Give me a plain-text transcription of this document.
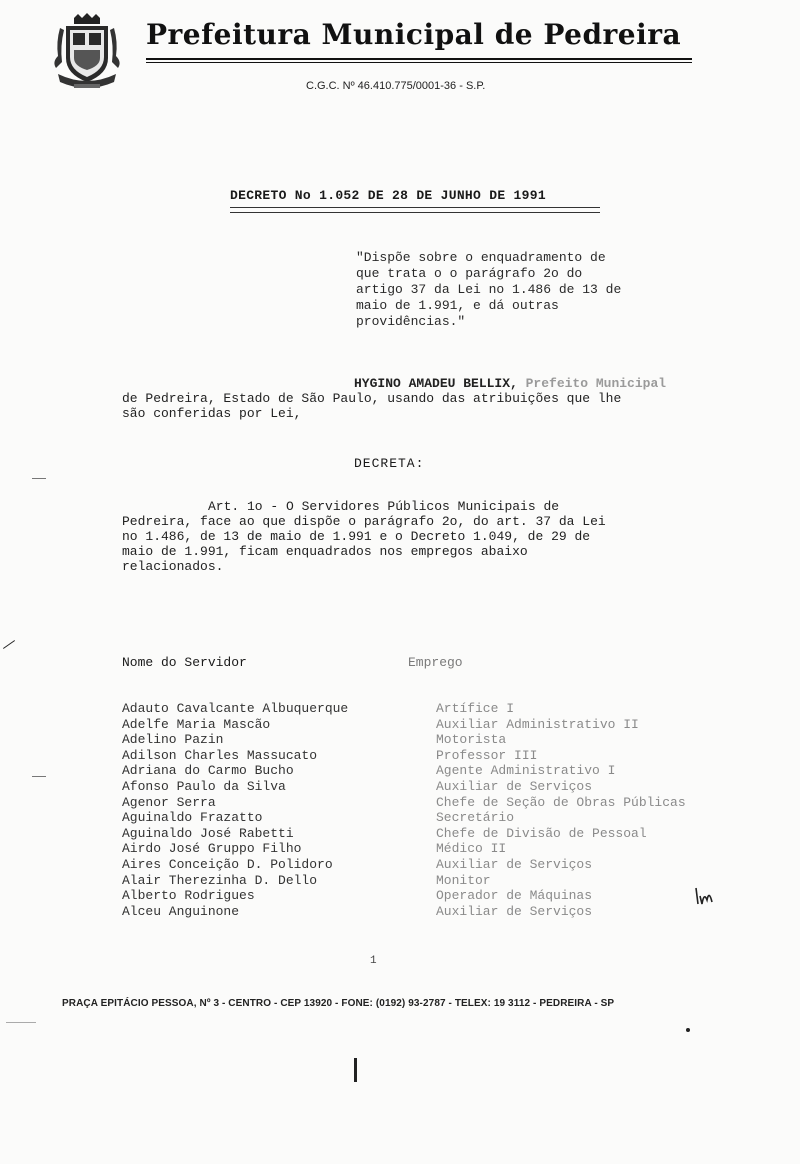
Prefeitura Municipal de Pedreira
C.G.C. Nº 46.410.775/0001-36 - S.P.
DECRETO No 1.052 DE 28 DE JUNHO DE 1991
"Dispõe sobre o enquadramento de
que trata o o parágrafo 2o do
artigo 37 da Lei no 1.486 de 13 de
maio de 1.991, e dá outras
providências."
HYGINO AMADEU BELLIX, Prefeito Municipal
de Pedreira, Estado de São Paulo, usando das atribuições que lhe
são conferidas por Lei,
DECRETA:
Art. 1o - O Servidores Públicos Municipais de
Pedreira, face ao que dispõe o parágrafo 2o, do art. 37 da Lei
no 1.486, de 13 de maio de 1.991 e o Decreto 1.049, de 29 de
maio de 1.991, ficam enquadrados nos empregos abaixo
relacionados.
Nome do Servidor	Emprego
Adauto Cavalcante Albuquerque	Artífice I
Adelfe Maria Mascão	Auxiliar Administrativo II
Adelino Pazin	Motorista
Adilson Charles Massucato	Professor III
Adriana do Carmo Bucho	Agente Administrativo I
Afonso Paulo da Silva	Auxiliar de Serviços
Agenor Serra	Chefe de Seção de Obras Públicas
Aguinaldo Frazatto	Secretário
Aguinaldo José Rabetti	Chefe de Divisão de Pessoal
Airdo José Gruppo Filho	Médico II
Aires Conceição D. Polidoro	Auxiliar de Serviços
Alair Therezinha D. Dello	Monitor
Alberto Rodrigues	Operador de Máquinas
Alceu Anguinone	Auxiliar de Serviços
1
PRAÇA EPITÁCIO PESSOA, Nº 3 - CENTRO - CEP 13920 - FONE: (0192) 93-2787 - TELEX: 19 3112 - PEDREIRA - SP
